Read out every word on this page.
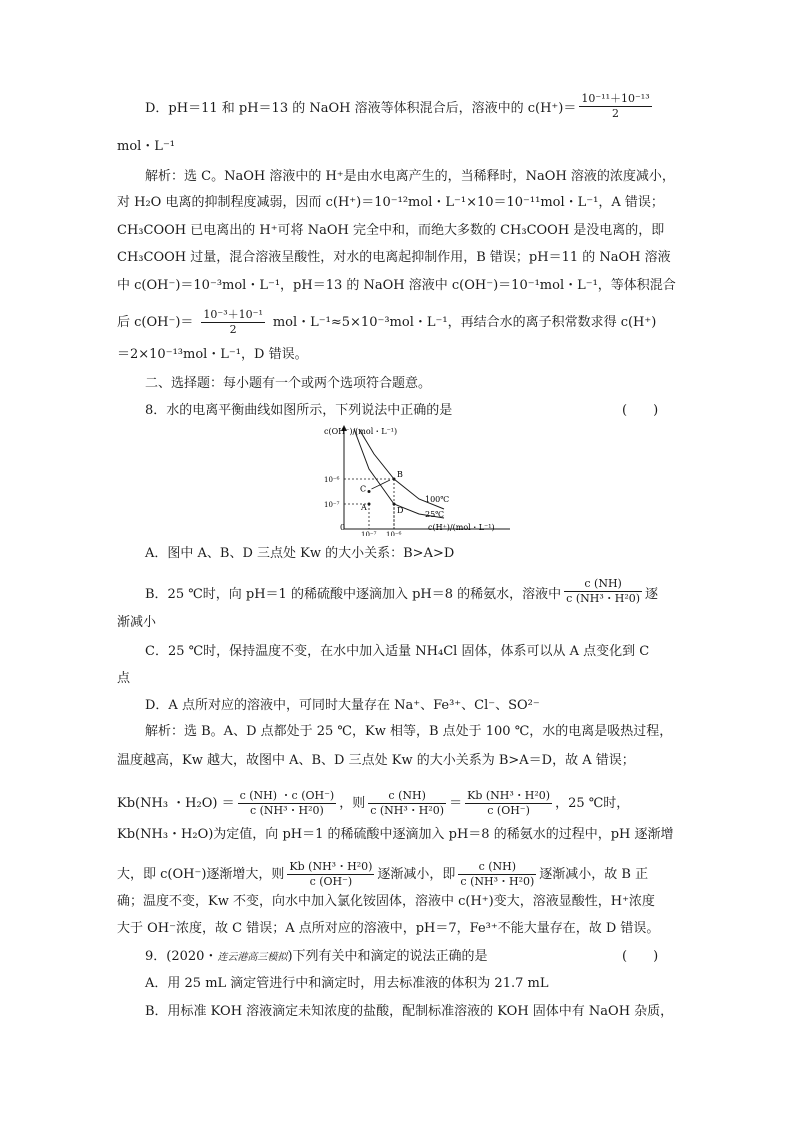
D．pH＝11 和 pH＝13 的 NaOH 溶液等体积混合后，溶液中的 $c(H^+)= \frac{\text{10⁻¹¹＋10⁻¹³}}{2}$
mol・L⁻¹
解析：选 C。NaOH 溶液中的 H⁺是由水电离产生的，当稀释时，NaOH 溶液的浓度减小，
对 H₂O 电离的抑制程度减弱，因而 c(H⁺)＝10⁻¹²mol・L⁻¹×10＝10⁻¹¹mol・L⁻¹，A 错误；
CH₃COOH 已电离出的 H⁺可将 NaOH 完全中和，而绝大多数的 CH₃COOH 是没电离的，即
CH₃COOH 过量，混合溶液呈酸性，对水的电离起抑制作用，B 错误；pH＝11 的 NaOH 溶液
中 c(OH⁻)＝10⁻³mol・L⁻¹，pH＝13 的 NaOH 溶液中 c(OH⁻)＝10⁻¹mol・L⁻¹，等体积混合
后 $c(OH^-)= \frac{\text{10⁻³＋10⁻¹}}{2}$ mol・L⁻¹≈5×10⁻³mol・L⁻¹，再结合水的离子积常数求得 c(H⁺)
＝2×10⁻¹³mol・L⁻¹，D 错误。
二、选择题：每小题有一个或两个选项符合题意。
8．水的电离平衡曲线如图所示，下列说法中正确的是	(　　)
c(OH⁻)/(mol・L⁻¹)
c(H⁺)/(mol・L⁻¹)
0
100℃
25℃
10⁻⁷ 10⁻⁶
10⁻⁶
10⁻⁷	A
B
C
D
A．图中 A、B、D 三点处 Kw 的大小关系：B>A>D
B．25 ℃时，向 pH＝1 的稀硫酸中逐滴加入 pH＝8 的稀氨水，溶液中 $\frac{c (NH)}{\text{c (NH³・H²0)}}$ 逐
渐减小
C．25 ℃时，保持温度不变，在水中加入适量 NH₄Cl 固体，体系可以从 A 点变化到 C
点
D．A 点所对应的溶液中，可同时大量存在 Na⁺、Fe³⁺、Cl⁻、SO²⁻
解析：选 B。A、D 点都处于 25 ℃，Kw 相等，B 点处于 100 ℃，水的电离是吸热过程，
温度越高，Kw 越大，故图中 A、B、D 三点处 Kw 的大小关系为 B>A＝D，故 A 错误；
Kb(NH₃ ・$H_2O) = \frac{c (NH) ・c (OH^-)}{\text{c (NH³・H²0)}}$ ，则 $\frac{c (NH)}{\text{c (NH³・H²0)}} = \frac{\text{Kb (NH³・H²0)}}{c (OH^-)}$ ，25 ℃时，
Kb(NH₃・H₂O)为定值，向 pH＝1 的稀硫酸中逐滴加入 pH＝8 的稀氨水的过程中，pH 逐渐增
大，即 c(OH⁻)逐渐增大，则 $\frac{\text{Kb (NH³・H²0)}}{c (OH^-)}$ 逐渐减小，即 $\frac{c (NH)}{\text{c (NH³・H²0)}}$ 逐渐减小，故 B 正
确；温度不变，Kw 不变，向水中加入氯化铵固体，溶液中 c(H⁺)变大，溶液显酸性，H⁺浓度
大于 OH⁻浓度，故 C 错误；A 点所对应的溶液中，pH＝7，Fe³⁺不能大量存在，故 D 错误。
9．(2020・连云港高三模拟)下列有关中和滴定的说法正确的是	(　　)
A．用 25 mL 滴定管进行中和滴定时，用去标准液的体积为 21.7 mL
B．用标准 KOH 溶液滴定未知浓度的盐酸，配制标准溶液的 KOH 固体中有 NaOH 杂质，
